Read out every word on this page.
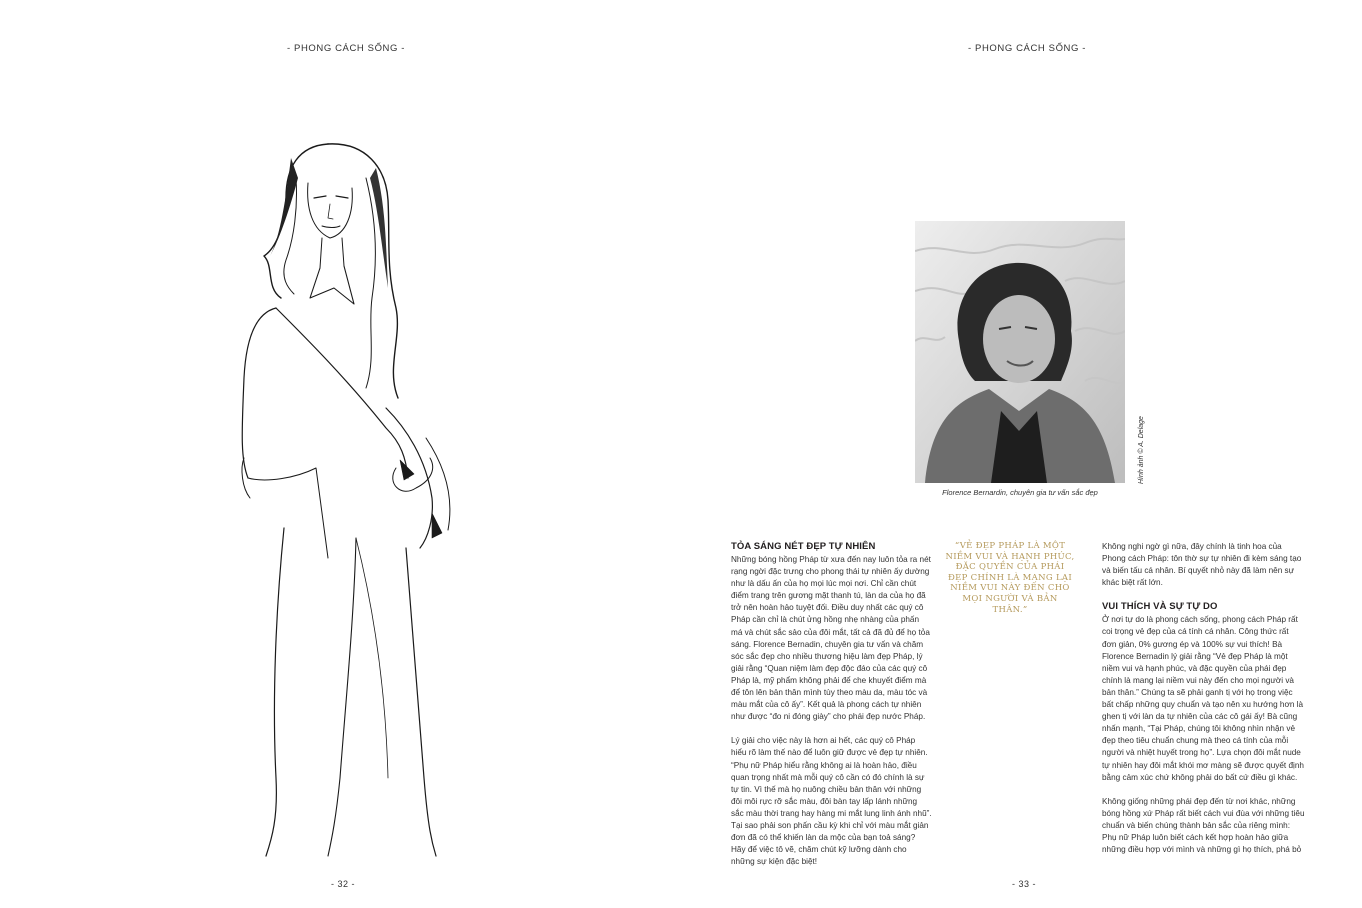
- PHONG CÁCH SỐNG -	- PHONG CÁCH SỐNG -
Hình ảnh © A. Delage
Florence Bernardin, chuyên gia tư vấn sắc đẹp
TỎA SÁNG NÉT ĐẸP TỰ NHIÊN

Những bóng hồng Pháp từ xưa đến nay luôn tỏa ra nét rạng ngời đặc trưng cho phong thái tự nhiên ấy dường như là dấu ấn của họ mọi lúc mọi nơi. Chỉ cần chút điểm trang trên gương mặt thanh tú, làn da của họ đã trở nên hoàn hảo tuyệt đối. Điều duy nhất các quý cô Pháp cần chỉ là chút ửng hồng nhẹ nhàng của phấn má và chút sắc sảo của đôi mắt, tất cả đã đủ để họ tỏa sáng. Florence Bernadin, chuyên gia tư vấn và chăm sóc sắc đẹp cho nhiều thương hiệu làm đẹp Pháp, lý giải rằng “Quan niệm làm đẹp độc đáo của các quý cô Pháp là, mỹ phẩm không phải để che khuyết điểm mà để tôn lên bản thân mình tùy theo màu da, màu tóc và màu mắt của cô ấy”. Kết quả là phong cách tự nhiên như được “đo ni đóng giày” cho phái đẹp nước Pháp.

Lý giải cho việc này là hơn ai hết, các quý cô Pháp hiểu rõ làm thế nào để luôn giữ được vẻ đẹp tự nhiên. “Phụ nữ Pháp hiểu rằng không ai là hoàn hảo, điều quan trọng nhất mà mỗi quý cô cần có đó chính là sự tự tin. Vì thế mà họ nuông chiều bản thân với những đôi môi rực rỡ sắc màu, đôi bàn tay lấp lánh những sắc màu thời trang hay hàng mi mắt lung linh ánh nhũ”. Tại sao phải son phấn cầu kỳ khi chỉ với màu mắt giản đơn đã có thể khiến làn da mộc của bạn toả sáng? Hãy để việc tô vẽ, chăm chút kỹ lưỡng dành cho những sự kiện đặc biệt!

“VẺ ĐẸP PHÁP LÀ MỘT NIỀM VUI VÀ HẠNH PHÚC, ĐẶC QUYỀN CỦA PHÁI ĐẸP CHÍNH LÀ MANG LẠI NIỀM VUI NÀY ĐẾN CHO MỌI NGƯỜI VÀ BẢN THÂN.”

Không nghi ngờ gì nữa, đây chính là tinh hoa của Phong cách Pháp: tôn thờ sự tự nhiên đi kèm sáng tạo và biến tấu cá nhân. Bí quyết nhỏ này đã làm nên sự khác biệt rất lớn.

VUI THÍCH VÀ SỰ TỰ DO

Ở nơi tự do là phong cách sống, phong cách Pháp rất coi trọng vẻ đẹp của cá tính cá nhân. Công thức rất đơn giản, 0% gương ép và 100% sự vui thích! Bà Florence Bernadin lý giải rằng “Vẻ đẹp Pháp là một niềm vui và hạnh phúc, và đặc quyền của phái đẹp chính là mang lại niềm vui này đến cho mọi người và bản thân.” Chúng ta sẽ phải ganh tị với họ trong việc bất chấp những quy chuẩn và tạo nên xu hướng hơn là ghen tị với làn da tự nhiên của các cô gái ấy! Bà cũng nhấn mạnh, “Tại Pháp, chúng tôi không nhìn nhận vẻ đẹp theo tiêu chuẩn chung mà theo cá tính của mỗi người và nhiệt huyết trong họ”. Lựa chọn đôi mắt nude tự nhiên hay đôi mắt khói mơ màng sẽ được quyết định bằng cảm xúc chứ không phải do bất cứ điều gì khác.

Không giống những phái đẹp đến từ nơi khác, những bóng hồng xứ Pháp rất biết cách vui đùa với những tiêu chuẩn và biến chúng thành bản sắc của riêng mình: Phụ nữ Pháp luôn biết cách kết hợp hoàn hảo giữa những điều hợp với mình và những gì họ thích, phá bỏ

- 32 -	- 33 -
